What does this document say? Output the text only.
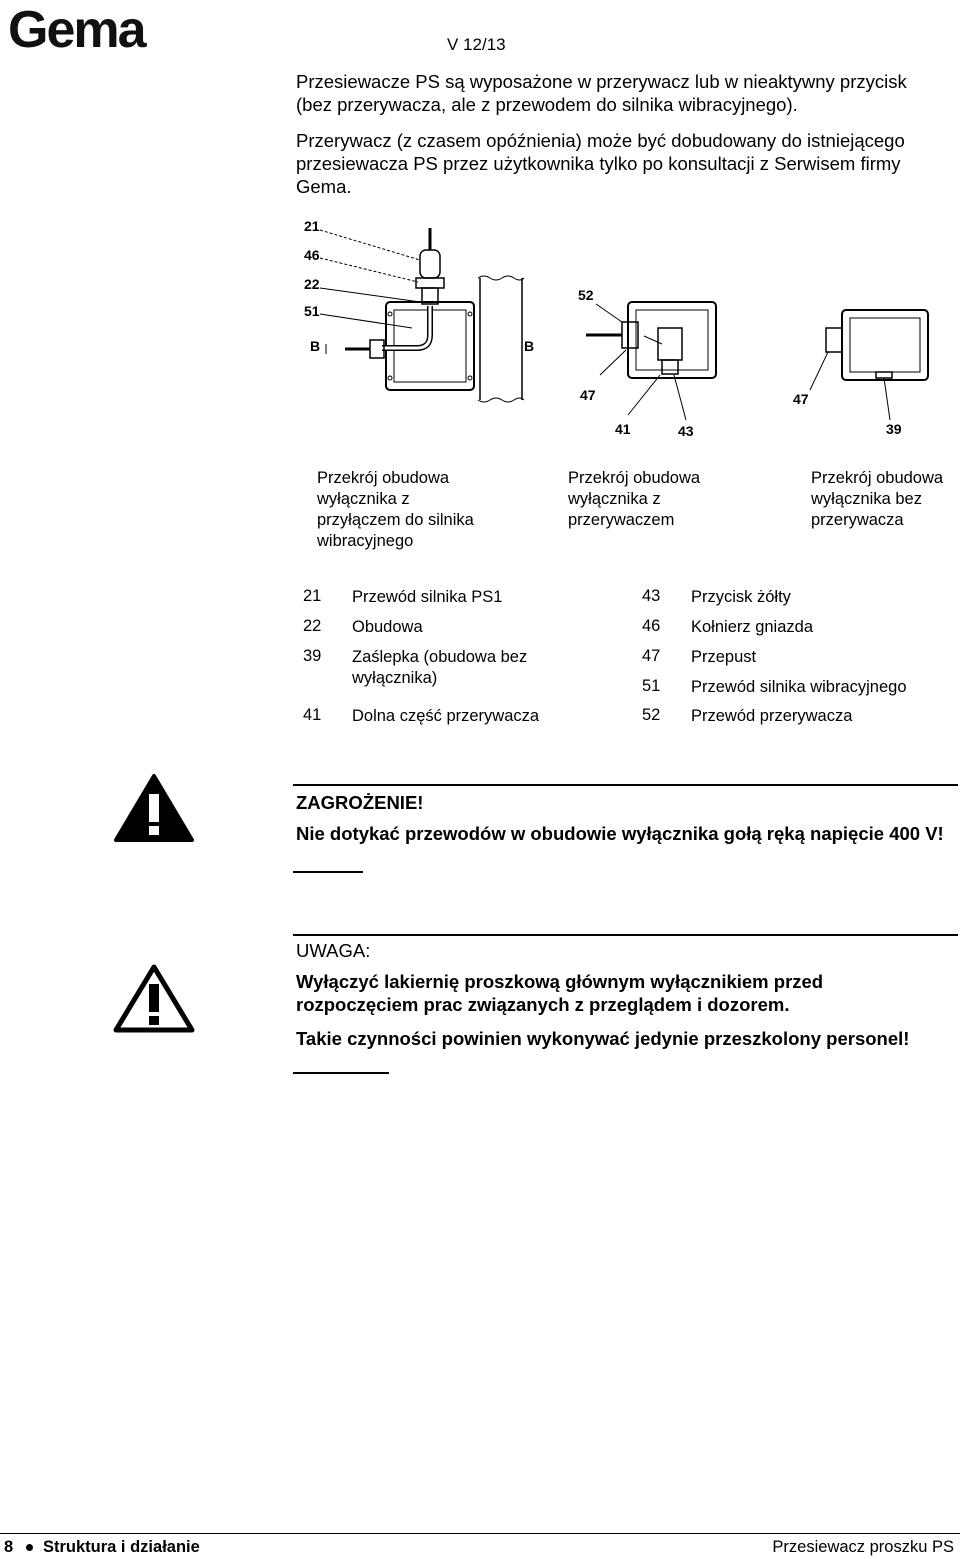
Gema	V 12/13
Przesiewacze PS są wyposażone w przerywacz lub w nieaktywny przycisk (bez przerywacza, ale z przewodem do silnika wibracyjnego).
Przerywacz (z czasem opóźnienia) może być dobudowany do istniejącego przesiewacza PS przez użytkownika tylko po konsultacji z Serwisem firmy Gema.
21
46
22
51
B	B
52
47
41	43
47
39
Przekrój obudowa wyłącznika z przyłączem do silnika wibracyjnego
Przekrój obudowa wyłącznika z przerywaczem
Przekrój obudowa wyłącznika bez przerywacza
21 Przewód silnika PS1
22 Obudowa
39 Zaślepka (obudowa bez wyłącznika)
41 Dolna część przerywacza
43 Przycisk żółty
46 Kołnierz gniazda
47 Przepust
51 Przewód silnika wibracyjnego
52 Przewód przerywacza
ZAGROŻENIE!
Nie dotykać przewodów w obudowie wyłącznika gołą ręką napięcie 400 V!
UWAGA:
Wyłączyć lakiernię proszkową głównym wyłącznikiem przed rozpoczęciem prac związanych z przeglądem i dozorem.
Takie czynności powinien wykonywać jedynie przeszkolony personel!
8 Struktura i działanie	Przesiewacz proszku PS
